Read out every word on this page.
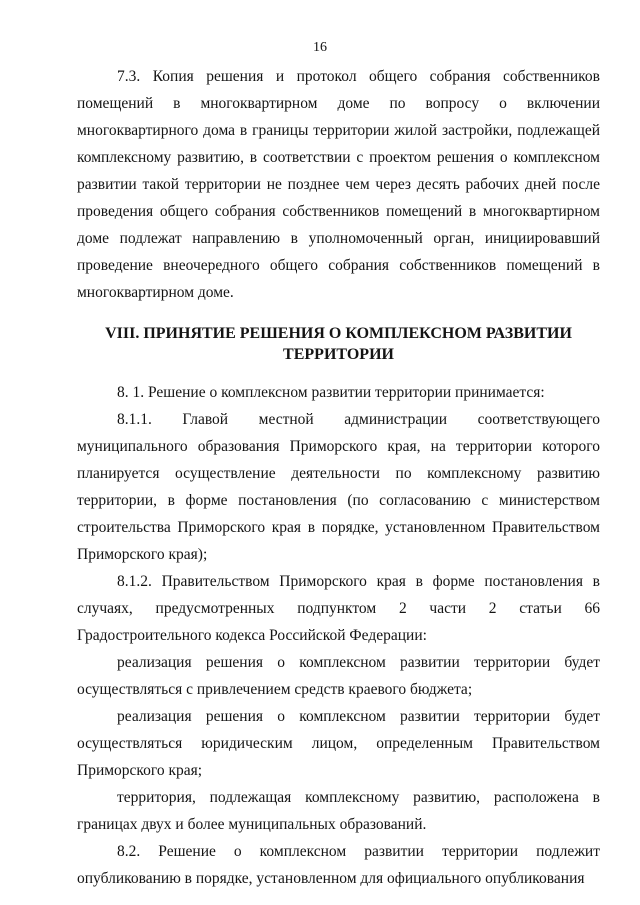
16

7.3. Копия решения и протокол общего собрания собственников помещений в многоквартирном доме по вопросу о включении многоквартирного дома в границы территории жилой застройки, подлежащей комплексному развитию, в соответствии с проектом решения о комплексном развитии такой территории не позднее чем через десять рабочих дней после проведения общего собрания собственников помещений в многоквартирном доме подлежат направлению в уполномоченный орган, инициировавший проведение внеочередного общего собрания собственников помещений в многоквартирном доме.

VIII. ПРИНЯТИЕ РЕШЕНИЯ О КОМПЛЕКСНОМ РАЗВИТИИ
ТЕРРИТОРИИ

8. 1. Решение о комплексном развитии территории принимается:

8.1.1. Главой местной администрации соответствующего муниципального образования Приморского края, на территории которого планируется осуществление деятельности по комплексному развитию территории, в форме постановления (по согласованию с министерством строительства Приморского края в порядке, установленном Правительством Приморского края);

8.1.2. Правительством Приморского края в форме постановления в случаях, предусмотренных подпунктом 2 части 2 статьи 66 Градостроительного кодекса Российской Федерации:

реализация решения о комплексном развитии территории будет осуществляться с привлечением средств краевого бюджета;

реализация решения о комплексном развитии территории будет осуществляться юридическим лицом, определенным Правительством Приморского края;

территория, подлежащая комплексному развитию, расположена в границах двух и более муниципальных образований.

8.2. Решение о комплексном развитии территории подлежит опубликованию в порядке, установленном для официального опубликования
